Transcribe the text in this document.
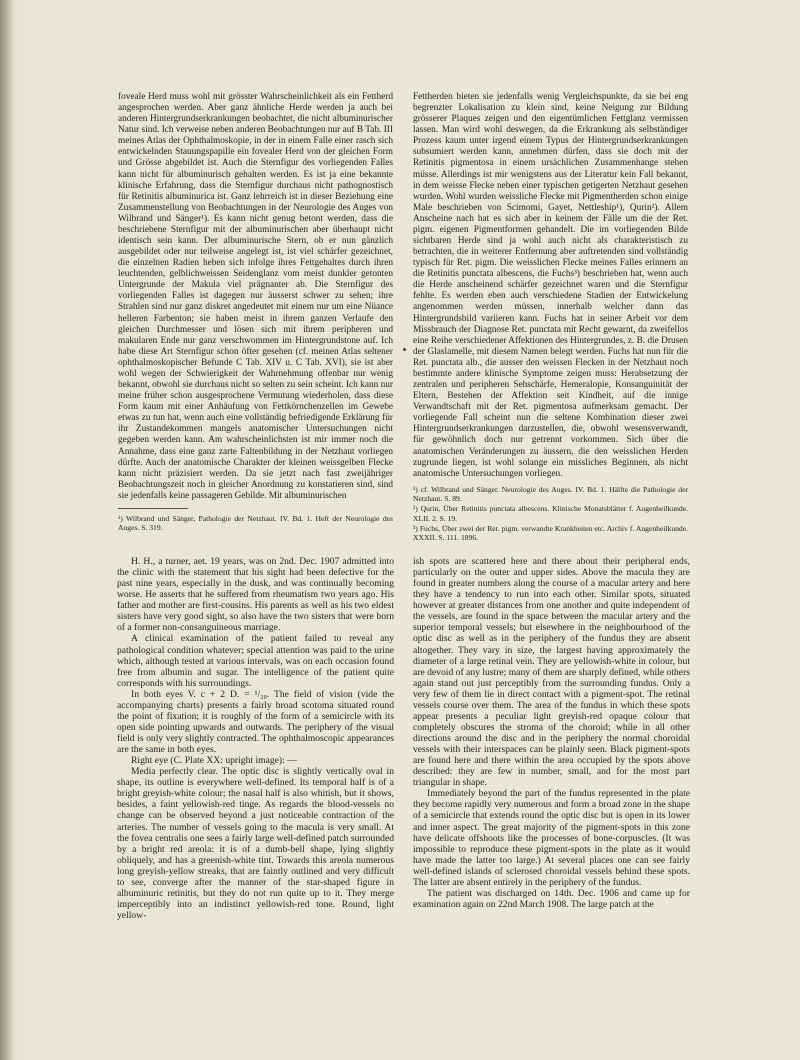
foveale Herd muss wohl mit grösster Wahrscheinlichkeit als ein Fettherd angesprochen werden. Aber ganz ähnliche Herde werden ja auch bei anderen Hintergrundserkrankungen beobachtet, die nicht albuminurischer Natur sind. Ich verweise neben anderen Beobachtungen nur auf B Tab. III meines Atlas der Ophthalmoskopie, in der in einem Falle einer rasch sich entwickelnden Stauungspapille ein fovealer Herd von der gleichen Form und Grösse abgebildet ist. Auch die Sternfigur des vorliegenden Falles kann nicht für albuminurisch gehalten werden. Es ist ja eine bekannte klinische Erfahrung, dass die Sternfigur durchaus nicht pathognostisch für Retinitis albuminurica ist. Ganz lehrreich ist in dieser Beziehung eine Zusammenstellung von Beobachtungen in der Neurologie des Auges von Wilbrand und Sänger¹). Es kann nicht genug betont werden, dass die beschriebene Sternfigur mit der albuminurischen aber überhaupt nicht identisch sein kann. Der albuminurische Stern, ob er nun gänzlich ausgebildet oder nur teilweise angelegt ist, ist viel schärfer gezeichnet, die einzelnen Radien heben sich infolge ihres Fettgehaltes durch ihren leuchtenden, gelblichweissen Seidenglanz vom meist dunkler getonten Untergrunde der Makula viel prägnanter ab. Die Sternfigur des vorliegenden Falles ist dagegen nur äusserst schwer zu sehen; ihre Strahlen sind nur ganz diskret angedeutet mit einem nur um eine Nüance helleren Farbenton; sie haben meist in ihrem ganzen Verlaufe den gleichen Durchmesser und lösen sich mit ihrem peripheren und makularen Ende nur ganz verschwommen im Hintergrundstone auf. Ich habe diese Art Sternfigur schon öfter gesehen (cf. meinen Atlas seltener ophthalmoskopischer Befunde C Tab. XIV u. C Tab. XVI), sie ist aber wohl wegen der Schwierigkeit der Wahrnehmung offenbar nur wenig bekannt, obwohl sie durchaus nicht so selten zu sein scheint. Ich kann nur meine früher schon ausgesprochene Vermutung wiederholen, dass diese Form kaum mit einer Anhäufung von Fettkörnchenzellen im Gewebe etwas zu tun hat, wenn auch eine vollständig befriedigende Erklärung für ihr Zustandekommen mangels anatomischer Untersuchungen nicht gegeben werden kann. Am wahrscheinlichsten ist mir immer noch die Annahme, dass eine ganz zarte Faltenbildung in der Netzhaut vorliegen dürfte. Auch der anatomische Charakter der kleinen weissgelben Flecke kann nicht präzisiert werden. Da sie jetzt nach fast zweijähriger Beobachtungszeit noch in gleicher Anordnung zu konstatieren sind, sind sie jedenfalls keine passageren Gebilde. Mit albuminurischen

¹) Wilbrand und Sänger, Pathologie der Netzhaut. IV. Bd. 1. Heft der Neurologie des Auges. S. 319.

Fettherden bieten sie jedenfalls wenig Vergleichspunkte, da sie bei eng begrenzter Lokalisation zu klein sind, keine Neigung zur Bildung grösserer Plaques zeigen und den eigentümlichen Fettglanz vermissen lassen. Man wird wohl deswegen, da die Erkrankung als selbständiger Prozess kaum unter irgend einem Typus der Hintergrundserkrankungen subsumiert werden kann, annehmen dürfen, dass sie doch mit der Retinitis pigmentosa in einem ursächlichen Zusammenhange stehen müsse. Allerdings ist mir wenigstens aus der Literatur kein Fall bekannt, in dem weisse Flecke neben einer typischen getigerten Netzhaut gesehen wurden. Wohl wurden weissliche Flecke mit Pigmentherden schon einige Male beschrieben von Scimomi, Gayet, Nettleship¹), Qurin²). Allem Anscheine nach hat es sich aber in keinem der Fälle um die der Ret. pigm. eigenen Pigmentformen gehandelt. Die im vorliegenden Bilde sichtbaren Herde sind ja wohl auch nicht als charakteristisch zu betrachten, die in weiterer Entfernung aber auftretenden sind vollständig typisch für Ret. pigm. Die weisslichen Flecke meines Falles erinnern an die Retinitis punctata albescens, die Fuchs³) beschrieben hat, wenn auch die Herde anscheinend schärfer gezeichnet waren und die Sternfigur fehlte. Es werden eben auch verschiedene Stadien der Entwickelung angenommen werden müssen, innerhalb welcher dann das Hintergrundsbild variieren kann. Fuchs hat in seiner Arbeit vor dem Missbrauch der Diagnose Ret. punctata mit Recht gewarnt, da zweifellos eine Reihe verschiedener Affektionen des Hintergrundes, z. B. die Drusen der Glaslamelle, mit diesem Namen belegt werden. Fuchs hat nun für die Ret. punctata alb., die ausser den weissen Flecken in der Netzhaut noch bestimmte andere klinische Symptome zeigen muss: Herabsetzung der zentralen und peripheren Sehschärfe, Hemeralopie, Konsanguinität der Eltern, Bestehen der Affektion seit Kindheit, auf die innige Verwandtschaft mit der Ret. pigmentosa aufmerksam gemacht. Der vorliegende Fall scheint nun die seltene Kombination dieser zwei Hintergrundserkrankungen darzustellen, die, obwohl wesensverwandt, für gewöhnlich doch nur getrennt vorkommen. Sich über die anatomischen Veränderungen zu äussern, die den weisslichen Herden zugrunde liegen, ist wohl solange ein missliches Beginnen, als nicht anatomische Untersuchungen vorliegen.

¹) cf. Wilbrand und Sänger. Neurologie des Auges. IV. Bd. 1. Hälfte die Pathologie der Netzhaut. S. 89.

²) Qurin, Über Retinitis punctata albescens. Klinische Monatsblätter f. Augenheilkunde. XLII. 2. S. 19.

³) Fuchs, Über zwei der Ret. pigm. verwandte Krankheiten etc. Archiv f. Augenheilkunde. XXXII. S. 111. 1896.

H. H., a turner, aet. 19 years, was on 2nd. Dec. 1907 admitted into the clinic with the statement that his sight had been defective for the past nine years, especially in the dusk, and was continually becoming worse. He asserts that he suffered from rheumatism two years ago. His father and mother are first-cousins. His parents as well as his two eldest sisters have very good sight, so also have the two sisters that were born of a former non-consanguineous marriage.

A clinical examination of the patient failed to reveal any pathological condition whatever; special attention was paid to the urine which, although tested at various intervals, was on each occasion found free from albumin and sugar. The intelligence of the patient quite corresponds with his surroundings.

In both eyes V. c + 2 D. = ¹/₂₀. The field of vision (vide the accompanying charts) presents a fairly broad scotoma situated round the point of fixation; it is roughly of the form of a semicircle with its open side pointing upwards and outwards. The periphery of the visual field is only very slightly contracted. The ophthalmoscopic appearances are the same in both eyes.

Right eye (C. Plate XX: upright image): —

Media perfectly clear. The optic disc is slightly vertically oval in shape, its outline is everywhere well-defined. Its temporal half is of a bright greyish-white colour; the nasal half is also whitish, but it shows, besides, a faint yellowish-red tinge. As regards the blood-vessels no change can be observed beyond a just noticeable contraction of the arteries. The number of vessels going to the macula is very small. At the fovea centralis one sees a fairly large well-defined patch surrounded by a bright red areola: it is of a dumb-bell shape, lying slightly obliquely, and has a greenish-white tint. Towards this areola numerous long greyish-yellow streaks, that are faintly outlined and very difficult to see, converge after the manner of the star-shaped figure in albuminuric retinitis, but they do not run quite up to it. They merge imperceptibly into an indistinct yellowish-red tone. Round, light yellow-

ish spots are scattered here and there about their peripheral ends, particularly on the outer and upper sides. Above the macula they are found in greater numbers along the course of a macular artery and here they have a tendency to run into each other. Similar spots, situated however at greater distances from one another and quite independent of the vessels, are found in the space between the macular artery and the superior temporal vessels; but elsewhere in the neighbourhood of the optic disc as well as in the periphery of the fundus they are absent altogether. They vary in size, the largest having approximately the diameter of a large retinal vein. They are yellowish-white in colour, but are devoid of any lustre; many of them are sharply defined, while others again stand out just perceptibly from the surrounding fundus. Only a very few of them lie in direct contact with a pigment-spot. The retinal vessels course over them. The area of the fundus in which these spots appear presents a peculiar light greyish-red opaque colour that completely obscures the stroma of the choroid; while in all other directions around the disc and in the periphery the normal choroidal vessels with their interspaces can be plainly seen. Black pigment-spots are found here and there within the area occupied by the spots above described: they are few in number, small, and for the most part triangular in shape.

Immediately beyond the part of the fundus represented in the plate they become rapidly very numerous and form a broad zone in the shape of a semicircle that extends round the optic disc but is open in its lower and inner aspect. The great majority of the pigment-spots in this zone have delicate offshoots like the processes of bone-corpuscles. (It was impossible to reproduce these pigment-spots in the plate as it would have made the latter too large.) At several places one can see fairly well-defined islands of sclerosed choroidal vessels behind these spots. The latter are absent entirely in the periphery of the fundus.

The patient was discharged on 14th. Dec. 1906 and came up for examination again on 22nd March 1908. The large patch at the
